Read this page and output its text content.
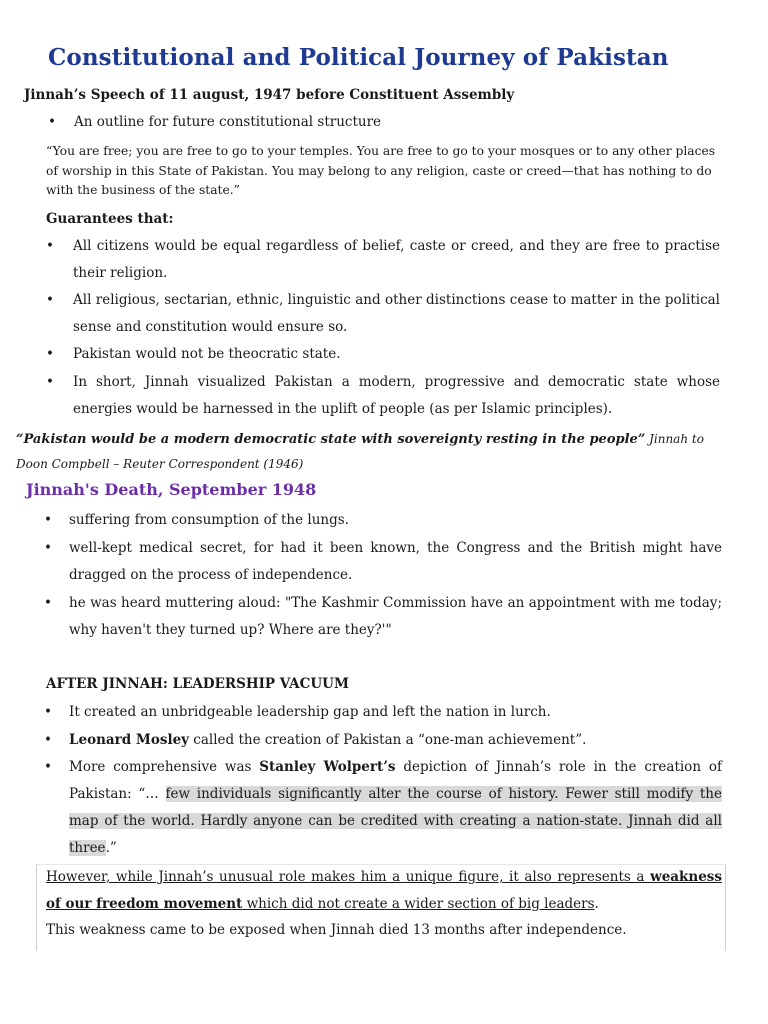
Constitutional and Political Journey of Pakistan
Jinnah’s Speech of 11 august, 1947 before Constituent Assembly
• An outline for future constitutional structure
“You are free; you are free to go to your temples. You are free to go to your mosques or to any other places of worship in this State of Pakistan. You may belong to any religion, caste or creed—that has nothing to do with the business of the state.”
Guarantees that:
• All citizens would be equal regardless of belief, caste or creed, and they are free to practise their religion.
• All religious, sectarian, ethnic, linguistic and other distinctions cease to matter in the political sense and constitution would ensure so.
• Pakistan would not be theocratic state.
• In short, Jinnah visualized Pakistan a modern, progressive and democratic state whose energies would be harnessed in the uplift of people (as per Islamic principles).
“Pakistan would be a modern democratic state with sovereignty resting in the people” Jinnah to Doon Compbell – Reuter Correspondent (1946)
Jinnah's Death, September 1948
• suffering from consumption of the lungs.
• well-kept medical secret, for had it been known, the Congress and the British might have dragged on the process of independence.
• he was heard muttering aloud: "The Kashmir Commission have an appointment with me today; why haven't they turned up? Where are they?'"
AFTER JINNAH: LEADERSHIP VACUUM
• It created an unbridgeable leadership gap and left the nation in lurch.
• Leonard Mosley called the creation of Pakistan a “one-man achievement”.
• More comprehensive was Stanley Wolpert’s depiction of Jinnah’s role in the creation of Pakistan: “… few individuals significantly alter the course of history. Fewer still modify the map of the world. Hardly anyone can be credited with creating a nation-state. Jinnah did all three.”
However, while Jinnah’s unusual role makes him a unique figure, it also represents a weakness of our freedom movement which did not create a wider section of big leaders.
This weakness came to be exposed when Jinnah died 13 months after independence.
